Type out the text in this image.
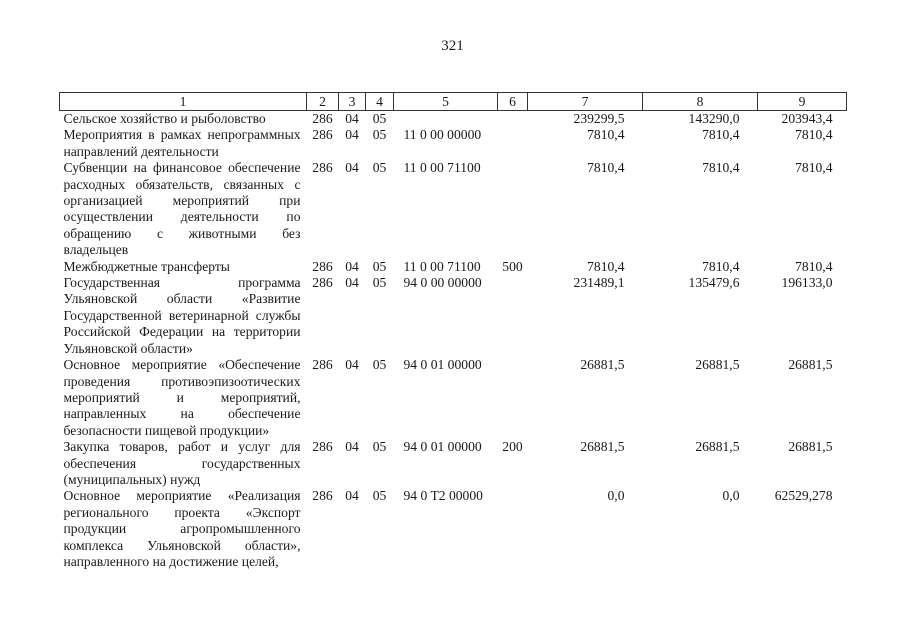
321
1	2	3	4	5	6	7	8	9
Сельское хозяйство и рыболовство	286	04	05			239299,5	143290,0	203943,4
Мероприятия в рамках непрограммных направлений деятельности	286	04	05	11 0 00 00000		7810,4	7810,4	7810,4
Субвенции на финансовое обеспечение расходных обязательств, связанных с организацией мероприятий при осуществлении деятельности по обращению с животными без владельцев	286	04	05	11 0 00 71100		7810,4	7810,4	7810,4
Межбюджетные трансферты	286	04	05	11 0 00 71100	500	7810,4	7810,4	7810,4
Государственная программа Ульяновской области «Развитие Государственной ветеринарной службы Российской Федерации на территории Ульяновской области»	286	04	05	94 0 00 00000		231489,1	135479,6	196133,0
Основное мероприятие «Обеспечение проведения противоэпизоотических мероприятий и мероприятий, направленных на обеспечение безопасности пищевой продукции»	286	04	05	94 0 01 00000		26881,5	26881,5	26881,5
Закупка товаров, работ и услуг для обеспечения государственных (муниципальных) нужд	286	04	05	94 0 01 00000	200	26881,5	26881,5	26881,5
Основное мероприятие «Реализация регионального проекта «Экспорт продукции агропромышленного комплекса Ульяновской области», направленного на достижение целей,	286	04	05	94 0 T2 00000		0,0	0,0	62529,278
